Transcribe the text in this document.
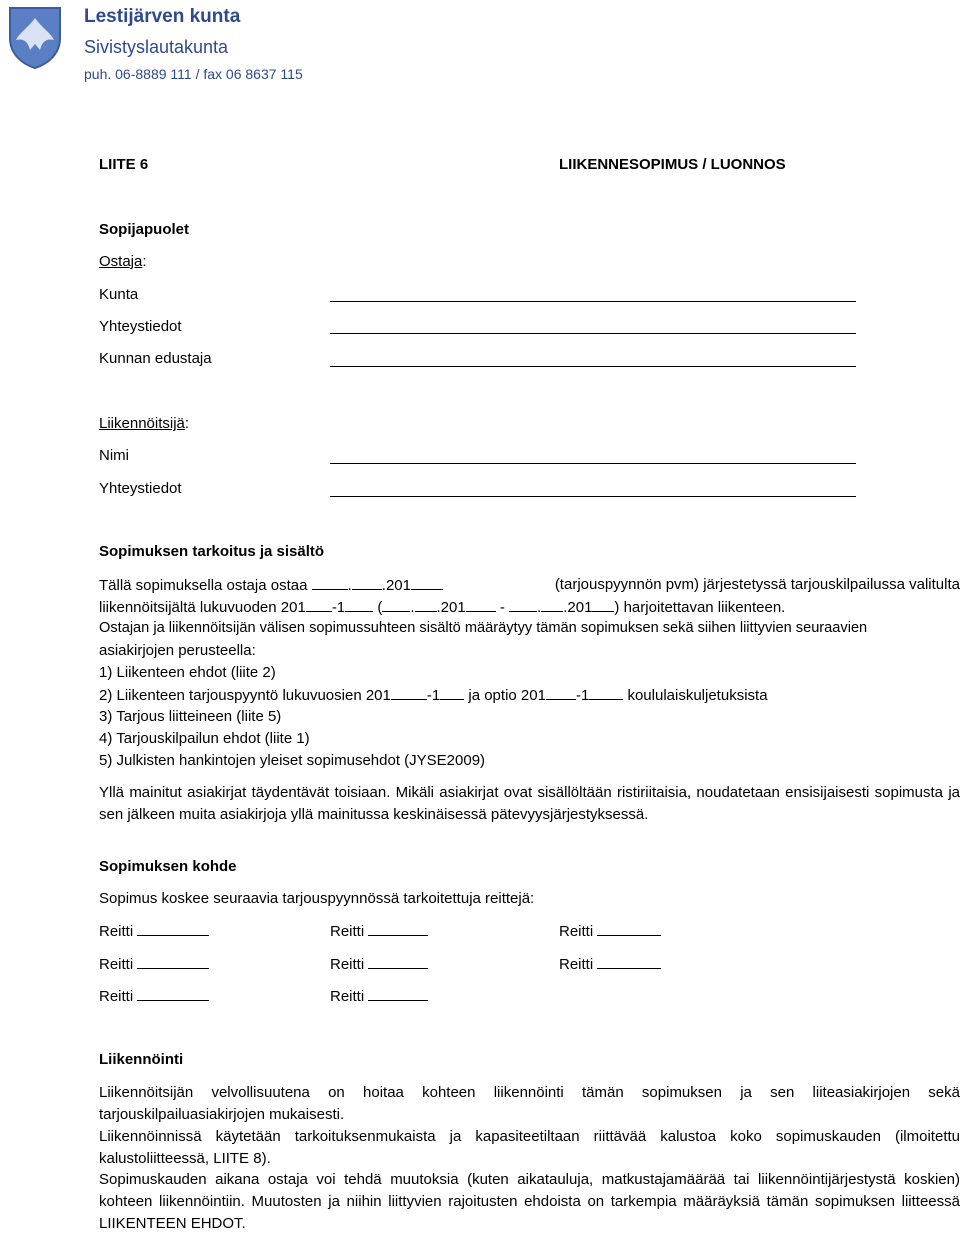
Lestijärven kunta
Sivistyslautakunta
puh. 06-8889 111 / fax 06 8637 115
LIITE 6	LIIKENNESOPIMUS / LUONNOS
Sopijapuolet
Ostaja:
Kunta
Yhteystiedot
Kunnan edustaja
Liikennöitsijä:
Nimi
Yhteystiedot
Sopimuksen tarkoitus ja sisältö
Tällä sopimuksella ostaja ostaa	. .201	(tarjouspyynnön pvm) järjestetyssä tarjouskilpailussa valitulta
liikennöitsijältä lukuvuoden 201 -1 ( . .201 - . .201 ) harjoitettavan liikenteen.
Ostajan ja liikennöitsijän välisen sopimussuhteen sisältö määräytyy tämän sopimuksen sekä siihen liittyvien seuraavien
asiakirjojen perusteella:
1) Liikenteen ehdot (liite 2)
2) Liikenteen tarjouspyyntö lukuvuosien 201 -1 ja optio 201 -1	koululaiskuljetuksista
3) Tarjous liitteineen (liite 5)
4) Tarjouskilpailun ehdot (liite 1)
5) Julkisten hankintojen yleiset sopimusehdot (JYSE2009)
Yllä mainitut asiakirjat täydentävät toisiaan. Mikäli asiakirjat ovat sisällöltään ristiriitaisia, noudatetaan ensisijaisesti sopimusta ja sen jälkeen muita asiakirjoja yllä mainitussa keskinäisessä pätevyysjärjestyksessä.
Sopimuksen kohde
Sopimus koskee seuraavia tarjouspyynnössä tarkoitettuja reittejä:
Reitti	Reitti	Reitti
Reitti	Reitti	Reitti
Reitti	Reitti
Liikennöinti
Liikennöitsijän velvollisuutena on hoitaa kohteen liikennöinti tämän sopimuksen ja sen liiteasiakirjojen sekä tarjouskilpailuasiakirjojen mukaisesti.
Liikennöinnissä käytetään tarkoituksenmukaista ja kapasiteetiltaan riittävää kalustoa koko sopimuskauden (ilmoitettu kalustoliitteessä, LIITE 8).
Sopimuskauden aikana ostaja voi tehdä muutoksia (kuten aikatauluja, matkustajamäärää tai liikennöintijärjestystä koskien) kohteen liikennöintiin. Muutosten ja niihin liittyvien rajoitusten ehdoista on tarkempia määräyksiä tämän sopimuksen liitteessä LIIKENTEEN EHDOT.
